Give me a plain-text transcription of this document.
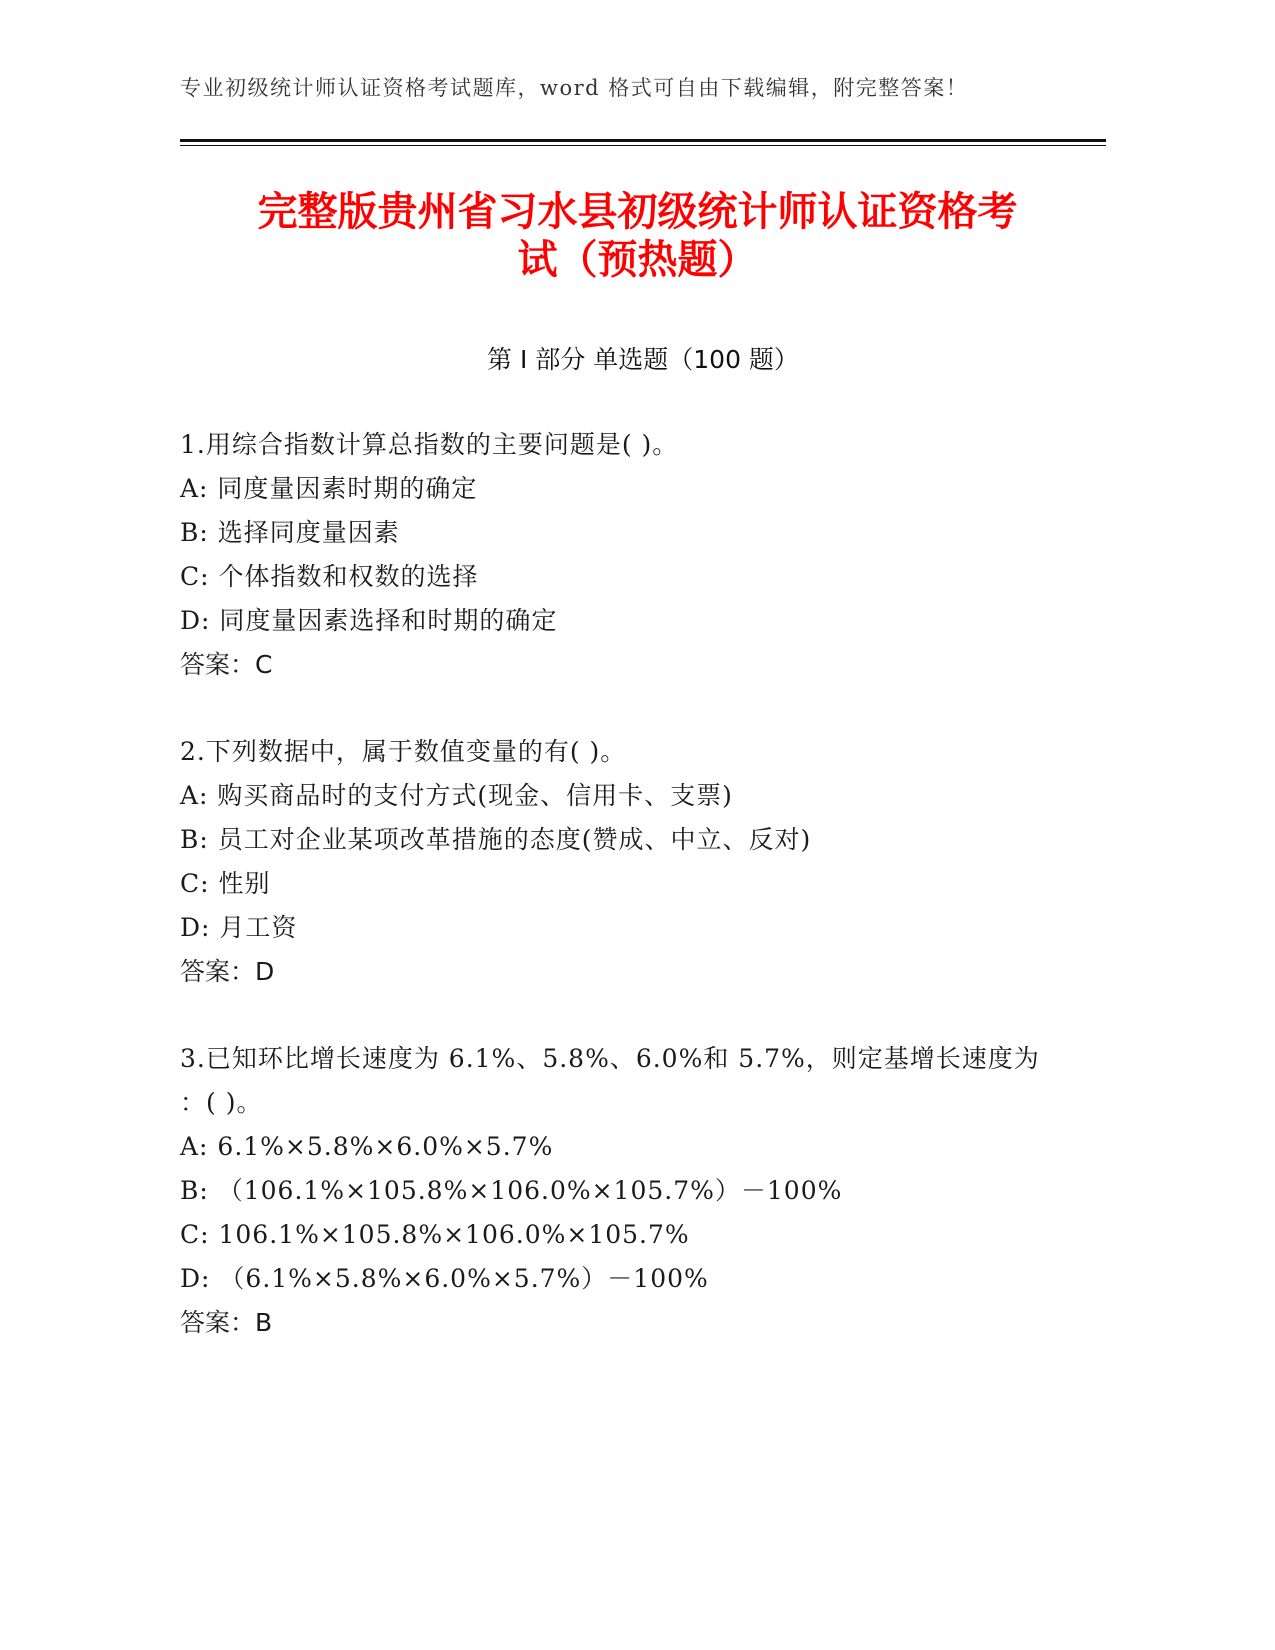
专业初级统计师认证资格考试题库，word 格式可自由下载编辑，附完整答案！
完整版贵州省习水县初级统计师认证资格考
试（预热题）
第 I 部分 单选题（100 题）
1.用综合指数计算总指数的主要问题是( )。
A: 同度量因素时期的确定
B: 选择同度量因素
C: 个体指数和权数的选择
D: 同度量因素选择和时期的确定
答案：C
2.下列数据中，属于数值变量的有( )。
A: 购买商品时的支付方式(现金、信用卡、支票)
B: 员工对企业某项改革措施的态度(赞成、中立、反对)
C: 性别
D: 月工资
答案：D
3.已知环比增长速度为 6.1%、5.8%、6.0%和 5.7%，则定基增长速度为
：( )。
A: 6.1%×5.8%×6.0%×5.7%
B: （106.1%×105.8%×106.0%×105.7%）－100%
C: 106.1%×105.8%×106.0%×105.7%
D: （6.1%×5.8%×6.0%×5.7%）－100%
答案：B
